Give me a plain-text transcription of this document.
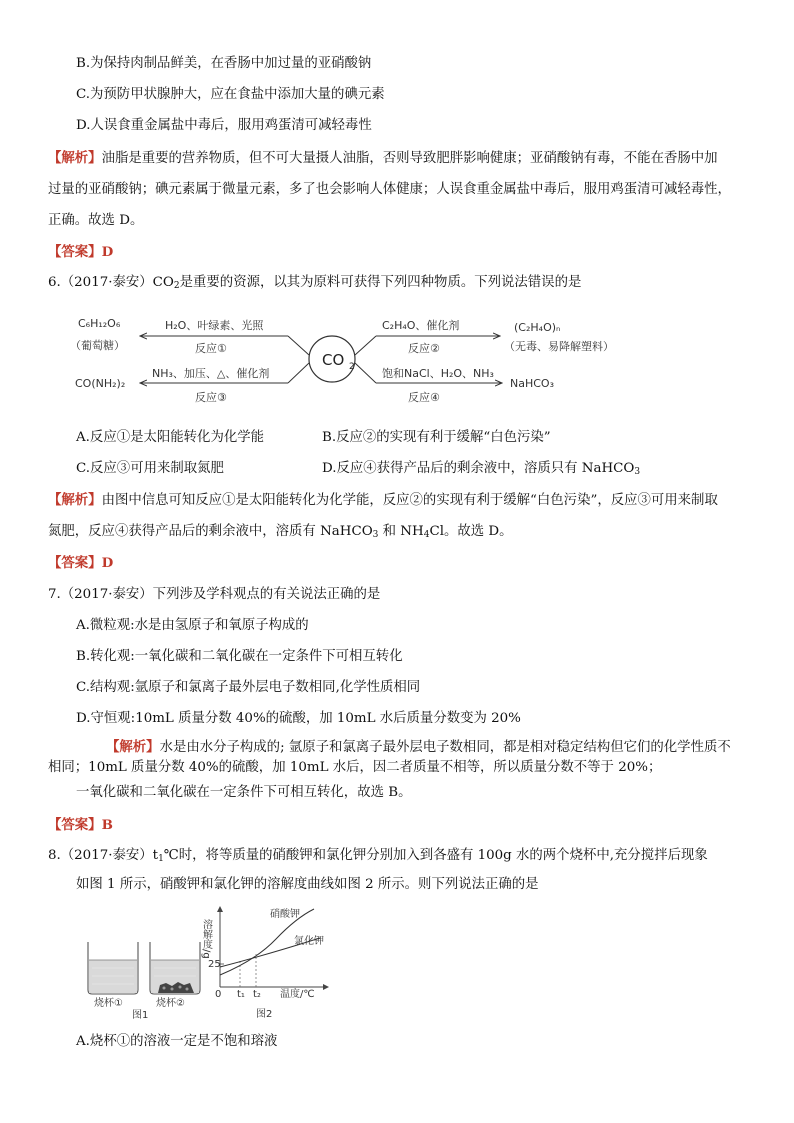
B.为保持肉制品鲜美，在香肠中加过量的亚硝酸钠
C.为预防甲状腺肿大，应在食盐中添加大量的碘元素
D.人误食重金属盐中毒后，服用鸡蛋清可减轻毒性
【解析】油脂是重要的营养物质，但不可大量摄人油脂，否则导致肥胖影响健康；亚硝酸钠有毒，不能在香肠中加
过量的亚硝酸钠；碘元素属于微量元素，多了也会影响人体健康；人误食重金属盐中毒后，服用鸡蛋清可减轻毒性，
正确。故选 D。
【答案】D
6.（2017·泰安）$CO_2$是重要的资源，以其为原料可获得下列四种物质。下列说法错误的是
CO 2
C₆H₁₂O₆
（葡萄糖）
H₂O、叶绿素、光照
反应①
CO(NH₂)₂
NH₃、加压、△、催化剂
反应③
C₂H₄O、催化剂
反应②
(C₂H₄O)ₙ
（无毒、易降解塑料）
饱和NaCl、H₂O、NH₃
反应④
NaHCO₃
A.反应①是太阳能转化为化学能	B.反应②的实现有利于缓解“白色污染”
C.反应③可用来制取氮肥	D.反应④获得产品后的剩余液中，溶质只有 NaHCO$_3$
【解析】由图中信息可知反应①是太阳能转化为化学能，反应②的实现有利于缓解“白色污染”，反应③可用来制取
氮肥，反应④获得产品后的剩余液中，溶质有 NaHCO$_3$ 和 $NH_4Cl$。故选 D。
【答案】D
7.（2017·泰安）下列涉及学科观点的有关说法正确的是
A.微粒观:水是由氢原子和氧原子构成的
B.转化观:一氧化碳和二氧化碳在一定条件下可相互转化
C.结构观:氩原子和氯离子最外层电子数相同,化学性质相同
D.守恒观:10mL 质量分数 40%的硫酸，加 10mL 水后质量分数变为 20%
【解析】水是由水分子构成的; 氩原子和氯离子最外层电子数相同，都是相对稳定结构但它们的化学性质不
相同；10mL 质量分数 40%的硫酸，加 10mL 水后，因二者质量不相等，所以质量分数不等于 20%；
一氧化碳和二氧化碳在一定条件下可相互转化，故选 B。
【答案】B
8.（2017·泰安）$t_1℃$时，将等质量的硝酸钾和氯化钾分别加入到各盛有 100g 水的两个烧杯中,充分搅拌后现象
如图 1 所示，硝酸钾和氯化钾的溶解度曲线如图 2 所示。则下列说法正确的是
烧杯①	烧杯②
图1
溶解度/g
25
0 t₁ t₂ 温度/℃
硝酸钾
氯化钾
图2
A.烧杯①的溶液一定是不饱和瑢液
